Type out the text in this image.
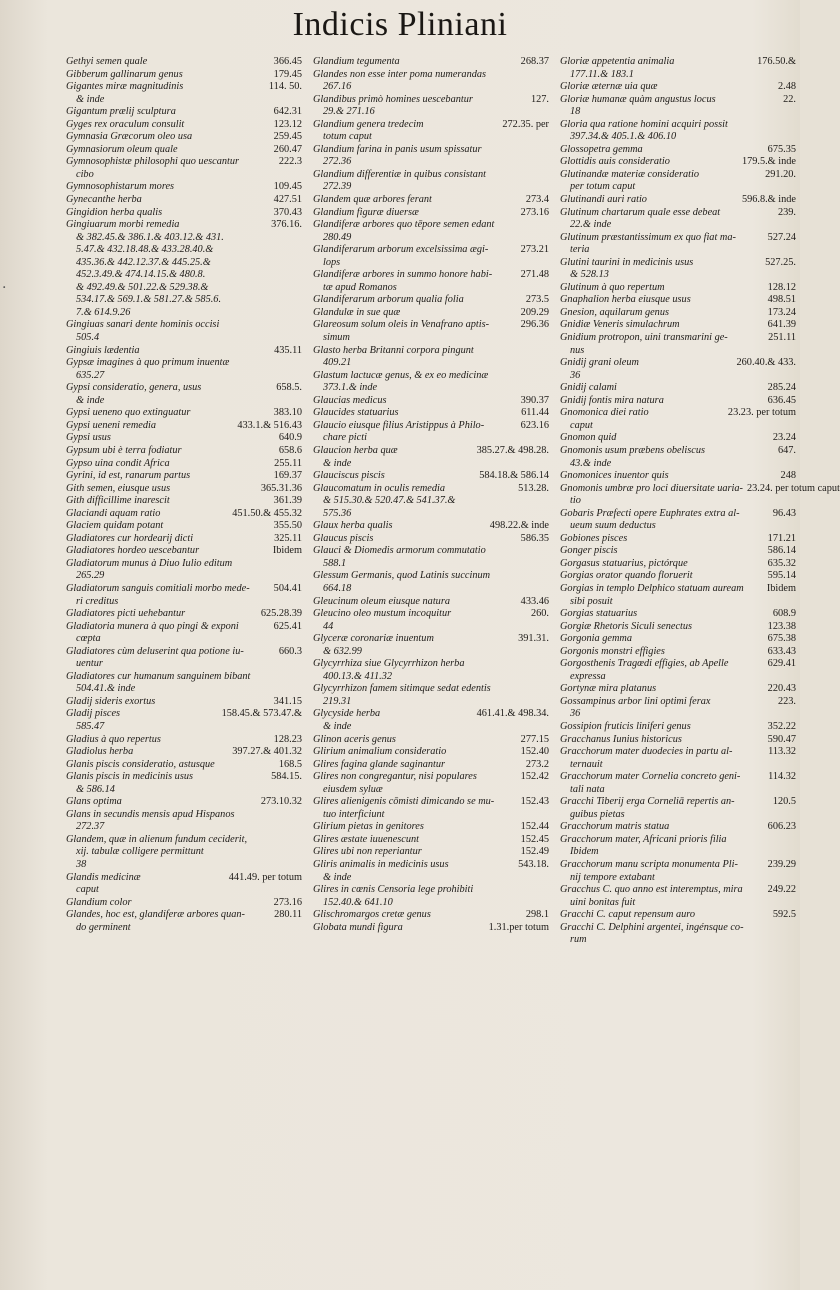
Indicis Pliniani
·
Gethyi semen quale	366.45
Gibberum gallinarum genus	179.45
Gigantes miræ magnitudinis	114. 50.
& inde
Gigantum prælij sculptura	642.31
Gyges rex oraculum consulit	123.12
Gymnasia Græcorum oleo usa	259.45
Gymnasiorum oleum quale	260.47
Gymnosophistæ philosophi quo uescantur	222.3
cibo
Gymnosophistarum mores	109.45
Gynecanthe herba	427.51
Gingidion herba qualis	370.43
Gingiuarum morbi remedia	376.16.
& 382.45.& 386.1.& 403.12.& 431.
5.47.& 432.18.48.& 433.28.40.&
435.36.& 442.12.37.& 445.25.&
452.3.49.& 474.14.15.& 480.8.
& 492.49.& 501.22.& 529.38.&
534.17.& 569.1.& 581.27.& 585.6.
7.& 614.9.26
Gingiuas sanari dente hominis occisi
505.4
Gingiuis lædentia	435.11
Gypsæ imagines à quo primum inuentæ
635.27
Gypsi consideratio, genera, usus	658.5.
& inde
Gypsi ueneno quo extinguatur	383.10
Gypsi ueneni remedia	433.1.& 516.43
Gypsi usus	640.9
Gypsum ubi è terra fodiatur	658.6
Gypso uina condit Africa	255.11
Gyrini, id est, ranarum partus	169.37
Gith semen, eiusque usus	365.31.36
Gith difficillime inarescit	361.39
Glaciandi aquam ratio	451.50.& 455.32
Glaciem quidam potant	355.50
Gladiatores cur hordearij dicti	325.11
Gladiatores hordeo uescebantur	Ibidem
Gladiatorum munus à Diuo Iulio editum
265.29
Gladiatorum sanguis comitiali morbo mede-	504.41
ri creditus
Gladiatores picti uehebantur	625.28.39
Gladiatoria munera à quo pingi & exponi	625.41
cœpta
Gladiatores cùm deluserint qua potione iu-	660.3
uentur
Gladiatores cur humanum sanguinem bibant
504.41.& inde
Gladij sideris exortus	341.15
Gladij pisces	158.45.& 573.47.&
585.47
Gladius à quo repertus	128.23
Gladiolus herba	397.27.& 401.32
Glanis piscis consideratio, astusque	168.5
Glanis piscis in medicinis usus	584.15.
& 586.14
Glans optima	273.10.32
Glans in secundis mensis apud Hispanos
272.37
Glandem, quæ in alienum fundum ceciderit,
xij. tabulæ colligere permittunt
38
Glandis medicinæ	441.49. per totum
caput
Glandium color	273.16
Glandes, hoc est, glandiferæ arbores quan-	280.11
do germinent
Glandium tegumenta	268.37
Glandes non esse inter poma numerandas
267.16
Glandibus primò homines uescebantur	127.
29.& 271.16
Glandium genera tredecim	272.35. per
totum caput
Glandium farina in panis usum spissatur
272.36
Glandium differentiæ in quibus consistant
272.39
Glandem quæ arbores ferant	273.4
Glandium figuræ diuersæ	273.16
Glandiferæ arbores quo tēpore semen edant
280.49
Glandiferarum arborum excelsissima ægi-	273.21
lops
Glandiferæ arbores in summo honore habi-	271.48
tæ apud Romanos
Glandiferarum arborum qualia folia	273.5
Glandulæ in sue quæ	209.29
Glareosum solum oleis in Venafrano aptis-	296.36
simum
Glasto herba Britanni corpora pingunt
409.21
Glastum lactucæ genus, & ex eo medicinæ
373.1.& inde
Glaucias medicus	390.37
Glaucides statuarius	611.44
Glaucio eiusque filius Aristippus à Philo-	623.16
chare picti
Glaucion herba quæ	385.27.& 498.28.
& inde
Glauciscus piscis	584.18.& 586.14
Glaucomatum in oculis remedia	513.28.
& 515.30.& 520.47.& 541.37.&
575.36
Glaux herba qualis	498.22.& inde
Glaucus piscis	586.35
Glauci & Diomedis armorum commutatio
588.1
Glessum Germanis, quod Latinis succinum
664.18
Gleucinum oleum eiusque natura	433.46
Gleucino oleo mustum incoquitur	260.
44
Glyceræ coronariæ inuentum	391.31.
& 632.99
Glycyrrhiza siue Glycyrrhizon herba
400.13.& 411.32
Glycyrrhizon famem sitimque sedat edentis
219.31
Glycyside herba	461.41.& 498.34.
& inde
Glinon aceris genus	277.15
Glirium animalium consideratio	152.40
Glires fagina glande saginantur	273.2
Glires non congregantur, nisi populares	152.42
eiusdem syluæ
Glires alienigenis cōmisti dimicando se mu-	152.43
tuo interficiunt
Glirium pietas in genitores	152.44
Glires æstate iuuenescunt	152.45
Glires ubi non reperiantur	152.49
Gliris animalis in medicinis usus	543.18.
& inde
Glires in cœnis Censoria lege prohibiti
152.40.& 641.10
Glischromargos cretæ genus	298.1
Globata mundi figura	1.31.per totum
Gloriæ appetentia animalia	176.50.&
177.11.& 183.1
Gloriæ æternæ uia quæ	2.48
Gloriæ humanæ quàm angustus locus	22.
18
Gloria qua ratione homini acquiri possit
397.34.& 405.1.& 406.10
Glossopetra gemma	675.35
Glottidis auis consideratio	179.5.& inde
Glutinandæ materiæ consideratio	291.20.
per totum caput
Glutinandi auri ratio	596.8.& inde
Glutinum chartarum quale esse debeat	239.
22.& inde
Glutinum præstantissimum ex quo fiat ma-	527.24
teria
Glutini taurini in medicinis usus	527.25.
& 528.13
Glutinum à quo repertum	128.12
Gnaphalion herba eiusque usus	498.51
Gnesion, aquilarum genus	173.24
Gnidiæ Veneris simulachrum	641.39
Gnidium protropon, uini transmarini ge-	251.11
nus
Gnidij grani oleum	260.40.& 433.
36
Gnidij calami	285.24
Gnidij fontis mira natura	636.45
Gnomonica diei ratio	23.23. per totum
caput
Gnomon quid	23.24
Gnomonis usum præbens obeliscus	647.
43.& inde
Gnomonices inuentor quis	248
Gnomonis umbræ pro loci diuersitate uaria- 23.24. per totum caput
tio
Gobaris Præfecti opere Euphrates extra al-	96.43
ueum suum deductus
Gobiones pisces	171.21
Gonger piscis	586.14
Gorgasus statuarius, pictórque	635.32
Gorgias orator quando floruerit	595.14
Gorgias in templo Delphico statuam auream	Ibidem
sibi posuit
Gorgias statuarius	608.9
Gorgiæ Rhetoris Siculi senectus	123.38
Gorgonia gemma	675.38
Gorgonis monstri effigies	633.43
Gorgosthenis Tragœdi effigies, ab Apelle	629.41
expressa
Gortynæ mira platanus	220.43
Gossampinus arbor lini optimi ferax	223.
36
Gossipion fruticis liniferi genus	352.22
Gracchanus Iunius historicus	590.47
Gracchorum mater duodecies in partu al-	113.32
ternauit
Gracchorum mater Cornelia concreto geni-	114.32
tali nata
Gracchi Tiberij erga Corneliā repertis an-	120.5
guibus pietas
Gracchorum matris statua	606.23
Gracchorum mater, Africani prioris filia
Ibidem
Gracchorum manu scripta monumenta Pli-	239.29
nij tempore extabant
Gracchus C. quo anno est interemptus, mira	249.22
uini bonitas fuit
Gracchi C. caput repensum auro	592.5
Gracchi C. Delphini argentei, ingénsque co-
rum
